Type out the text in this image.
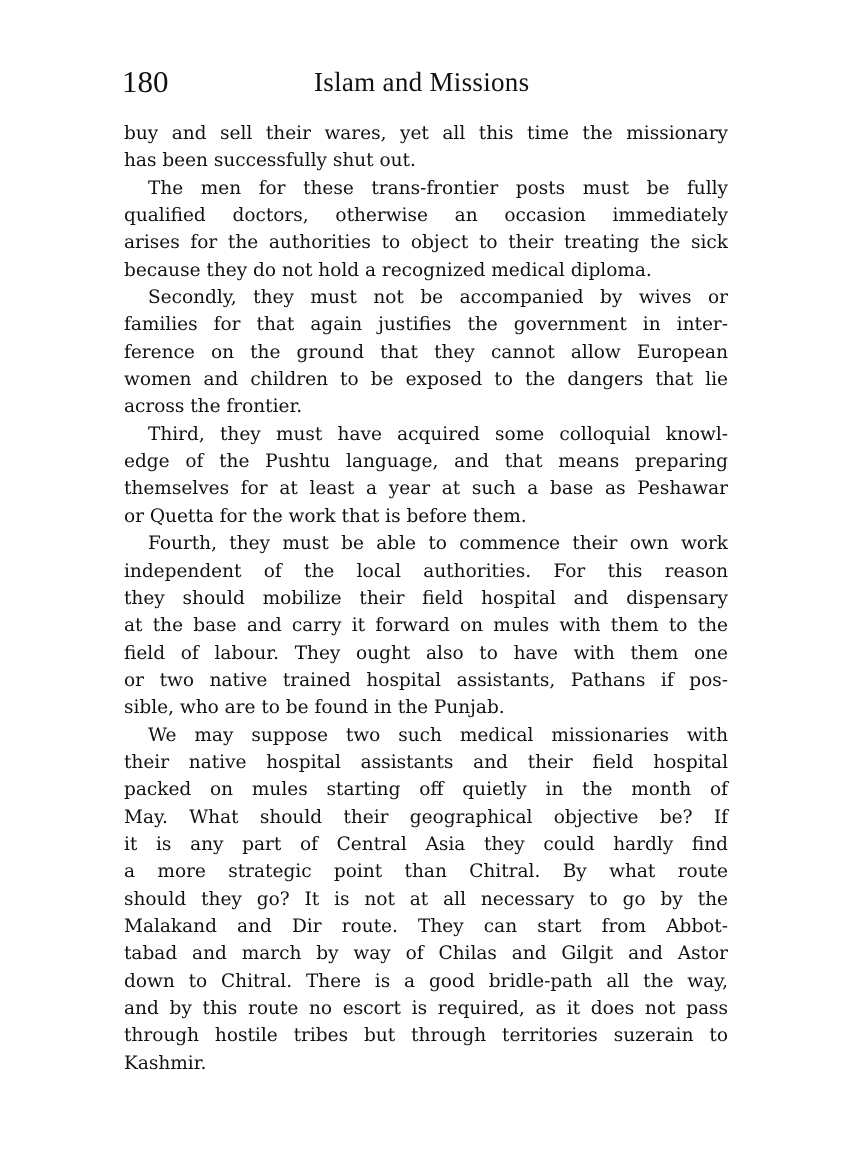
180	Islam and Missions
buy and sell their wares, yet all this time the missionary
has been successfully shut out.
The men for these trans-frontier posts must be fully
qualified doctors, otherwise an occasion immediately
arises for the authorities to object to their treating the sick
because they do not hold a recognized medical diploma.
Secondly, they must not be accompanied by wives or
families for that again justifies the government in inter-
ference on the ground that they cannot allow European
women and children to be exposed to the dangers that lie
across the frontier.
Third, they must have acquired some colloquial knowl-
edge of the Pushtu language, and that means preparing
themselves for at least a year at such a base as Peshawar
or Quetta for the work that is before them.
Fourth, they must be able to commence their own work
independent of the local authorities. For this reason
they should mobilize their field hospital and dispensary
at the base and carry it forward on mules with them to the
field of labour. They ought also to have with them one
or two native trained hospital assistants, Pathans if pos-
sible, who are to be found in the Punjab.
We may suppose two such medical missionaries with
their native hospital assistants and their field hospital
packed on mules starting off quietly in the month of
May. What should their geographical objective be? If
it is any part of Central Asia they could hardly find
a more strategic point than Chitral. By what route
should they go? It is not at all necessary to go by the
Malakand and Dir route. They can start from Abbot-
tabad and march by way of Chilas and Gilgit and Astor
down to Chitral. There is a good bridle-path all the way,
and by this route no escort is required, as it does not pass
through hostile tribes but through territories suzerain to
Kashmir.
